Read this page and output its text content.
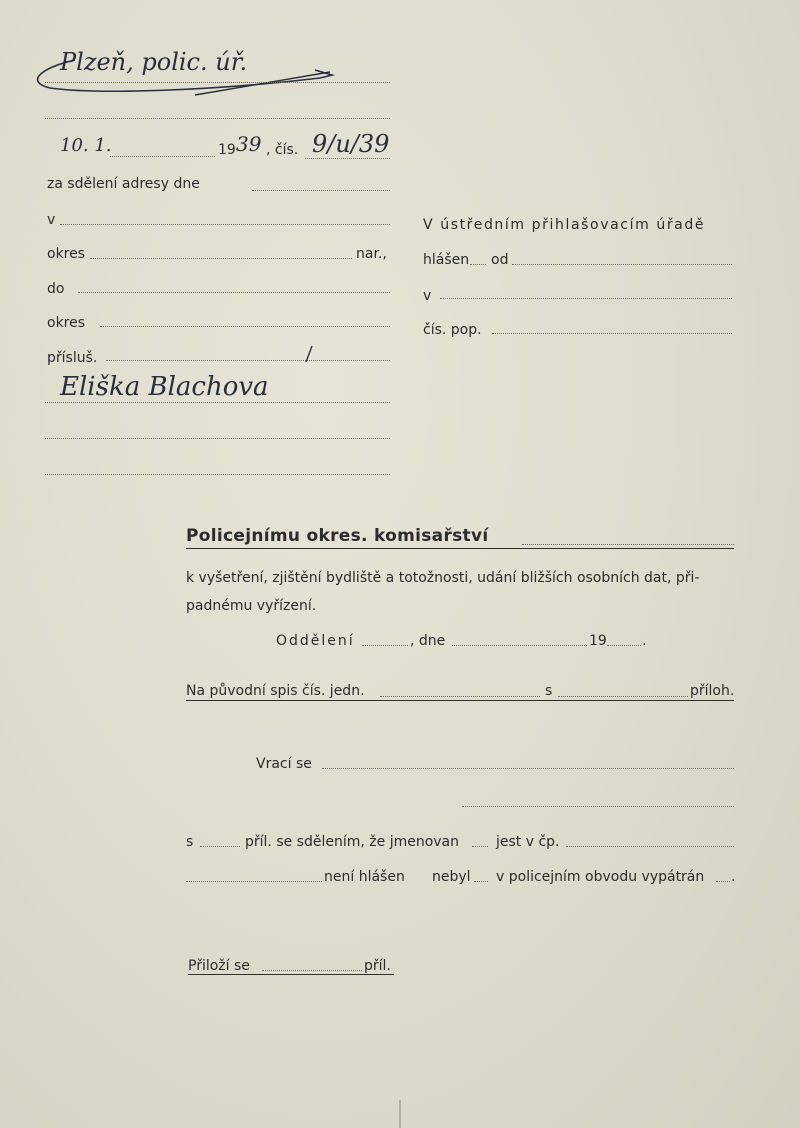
Plzeň, polic. úř.
10. 1.	19 39 , čís. 9/u/39
za sdělení adresy dne
v
okres	nar.,
do
okres
přísluš.
Eliška Blachova
V ústředním přihlašovacím úřadě
hlášen od
v
čís. pop.
Policejnímu okres. komisařství
k vyšetření, zjištění bydliště a totožnosti, udání bližších osobních dat, při-
padnému vyřízení.
Oddělení	, dne	19	.
Na původní spis čís. jedn.	s	příloh.
Vrací se
s	příl. se sdělením, že jmenovan	jest v čp.
není hlášen nebyl v policejním obvodu vypátrán .
Přiloží se	příl.
